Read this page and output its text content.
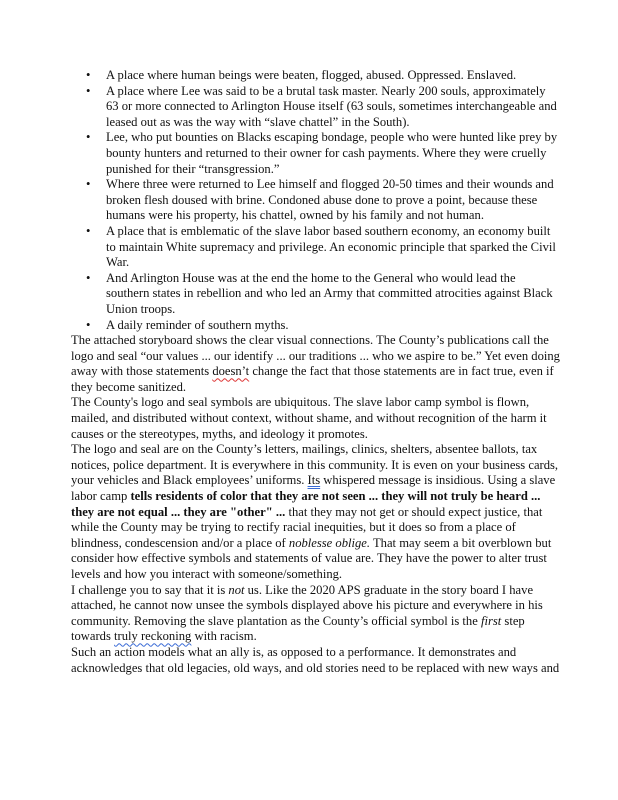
• A place where human beings were beaten, flogged, abused. Oppressed. Enslaved.
• A place where Lee was said to be a brutal task master. Nearly 200 souls, approximately 63 or more connected to Arlington House itself (63 souls, sometimes interchangeable and leased out as was the way with “slave chattel” in the South).
• Lee, who put bounties on Blacks escaping bondage, people who were hunted like prey by bounty hunters and returned to their owner for cash payments. Where they were cruelly punished for their “transgression.”
• Where three were returned to Lee himself and flogged 20-50 times and their wounds and broken flesh doused with brine. Condoned abuse done to prove a point, because these humans were his property, his chattel, owned by his family and not human.
• A place that is emblematic of the slave labor based southern economy, an economy built to maintain White supremacy and privilege. An economic principle that sparked the Civil War.
• And Arlington House was at the end the home to the General who would lead the southern states in rebellion and who led an Army that committed atrocities against Black Union troops.
• A daily reminder of southern myths.

The attached storyboard shows the clear visual connections. The County’s publications call the logo and seal “our values ... our identify ... our traditions ... who we aspire to be.” Yet even doing away with those statements doesn’t change the fact that those statements are in fact true, even if they become sanitized.

The County's logo and seal symbols are ubiquitous. The slave labor camp symbol is flown, mailed, and distributed without context, without shame, and without recognition of the harm it causes or the stereotypes, myths, and ideology it promotes.

The logo and seal are on the County’s letters, mailings, clinics, shelters, absentee ballots, tax notices, police department. It is everywhere in this community. It is even on your business cards, your vehicles and Black employees’ uniforms. Its whispered message is insidious. Using a slave labor camp tells residents of color that they are not seen ... they will not truly be heard ... they are not equal ... they are "other" ... that they may not get or should expect justice, that while the County may be trying to rectify racial inequities, but it does so from a place of blindness, condescension and/or a place of noblesse oblige. That may seem a bit overblown but consider how effective symbols and statements of value are. They have the power to alter trust levels and how you interact with someone/something.

I challenge you to say that it is not us. Like the 2020 APS graduate in the story board I have attached, he cannot now unsee the symbols displayed above his picture and everywhere in his community. Removing the slave plantation as the County’s official symbol is the first step towards truly reckoning with racism.

Such an action models what an ally is, as opposed to a performance. It demonstrates and acknowledges that old legacies, old ways, and old stories need to be replaced with new ways and
